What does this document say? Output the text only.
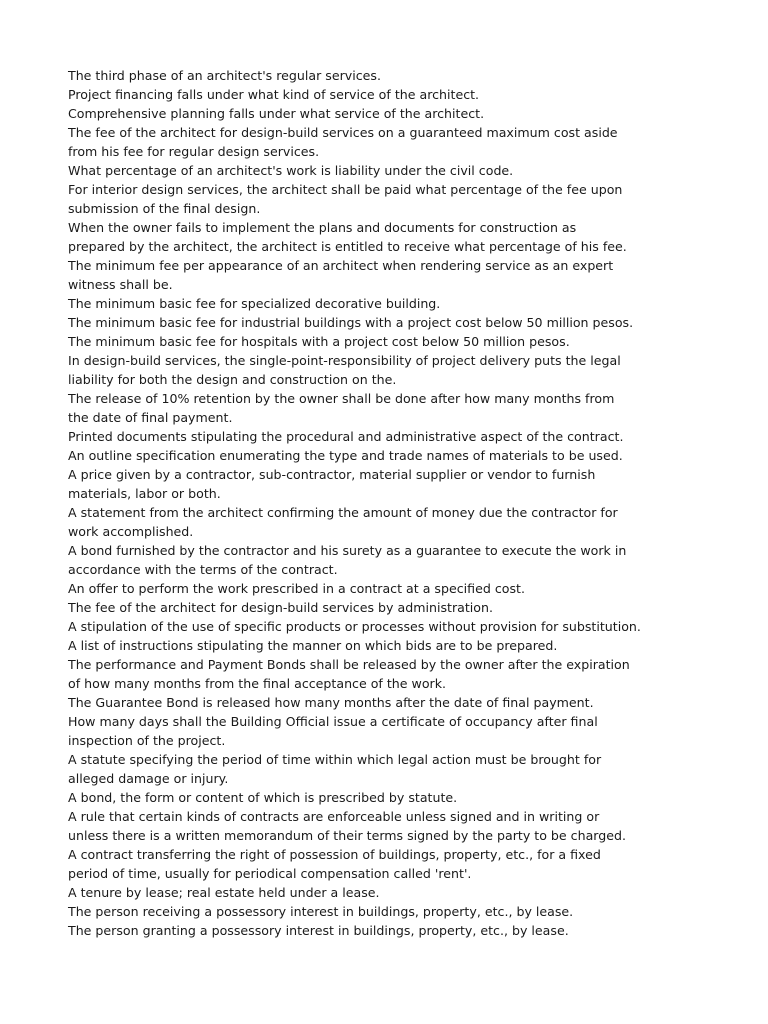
The third phase of an architect's regular services.
Project financing falls under what kind of service of the architect.
Comprehensive planning falls under what service of the architect.
The fee of the architect for design-build services on a guaranteed maximum cost aside
from his fee for regular design services.
What percentage of an architect's work is liability under the civil code.
For interior design services, the architect shall be paid what percentage of the fee upon
submission of the final design.
When the owner fails to implement the plans and documents for construction as
prepared by the architect, the architect is entitled to receive what percentage of his fee.
The minimum fee per appearance of an architect when rendering service as an expert
witness shall be.
The minimum basic fee for specialized decorative building.
The minimum basic fee for industrial buildings with a project cost below 50 million pesos.
The minimum basic fee for hospitals with a project cost below 50 million pesos.
In design-build services, the single-point-responsibility of project delivery puts the legal
liability for both the design and construction on the.
The release of 10% retention by the owner shall be done after how many months from
the date of final payment.
Printed documents stipulating the procedural and administrative aspect of the contract.
An outline specification enumerating the type and trade names of materials to be used.
A price given by a contractor, sub-contractor, material supplier or vendor to furnish
materials, labor or both.
A statement from the architect confirming the amount of money due the contractor for
work accomplished.
A bond furnished by the contractor and his surety as a guarantee to execute the work in
accordance with the terms of the contract.
An offer to perform the work prescribed in a contract at a specified cost.
The fee of the architect for design-build services by administration.
A stipulation of the use of specific products or processes without provision for substitution.
A list of instructions stipulating the manner on which bids are to be prepared.
The performance and Payment Bonds shall be released by the owner after the expiration
of how many months from the final acceptance of the work.
The Guarantee Bond is released how many months after the date of final payment.
How many days shall the Building Official issue a certificate of occupancy after final
inspection of the project.
A statute specifying the period of time within which legal action must be brought for
alleged damage or injury.
A bond, the form or content of which is prescribed by statute.
A rule that certain kinds of contracts are enforceable unless signed and in writing or
unless there is a written memorandum of their terms signed by the party to be charged.
A contract transferring the right of possession of buildings, property, etc., for a fixed
period of time, usually for periodical compensation called 'rent'.
A tenure by lease; real estate held under a lease.
The person receiving a possessory interest in buildings, property, etc., by lease.
The person granting a possessory interest in buildings, property, etc., by lease.
